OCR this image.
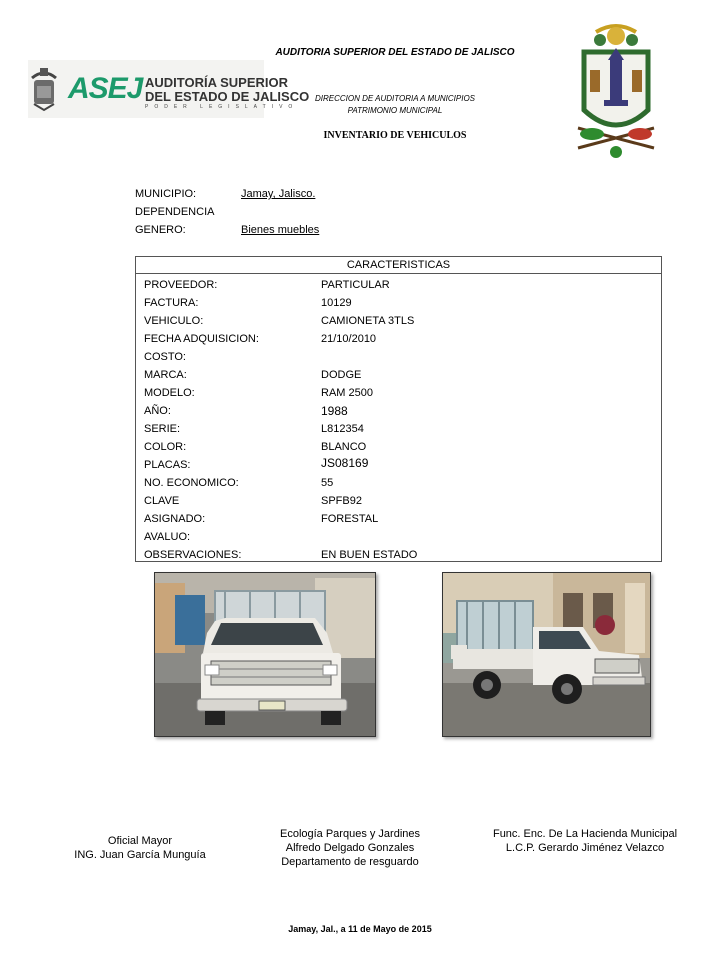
ASEJ AUDITORÍA SUPERIOR
DEL ESTADO DE JALISCO
PODER LEGISLATIVO
AUDITORIA SUPERIOR DEL ESTADO DE JALISCO
DIRECCION DE AUDITORIA A MUNICIPIOS
PATRIMONIO MUNICIPAL
INVENTARIO DE VEHICULOS
MUNICIPIO:	Jamay, Jalisco.
DEPENDENCIA
GENERO:	Bienes muebles
CARACTERISTICAS
PROVEEDOR:	PARTICULAR
FACTURA:	10129
VEHICULO:	CAMIONETA 3TLS
FECHA ADQUISICION:	21/10/2010
COSTO:
MARCA:	DODGE
MODELO:	RAM 2500
AÑO:	1988
SERIE:	L812354
COLOR:	BLANCO
PLACAS:	JS08169
NO. ECONOMICO:	55
CLAVE	SPFB92
ASIGNADO:	FORESTAL
AVALUO:
OBSERVACIONES:	EN BUEN ESTADO
Oficial Mayor
ING. Juan García Munguía
Ecología Parques y Jardines
Alfredo Delgado Gonzales
Departamento de resguardo
Func. Enc. De La Hacienda Municipal
L.C.P. Gerardo Jiménez Velazco
Jamay, Jal., a 11 de Mayo de 2015
